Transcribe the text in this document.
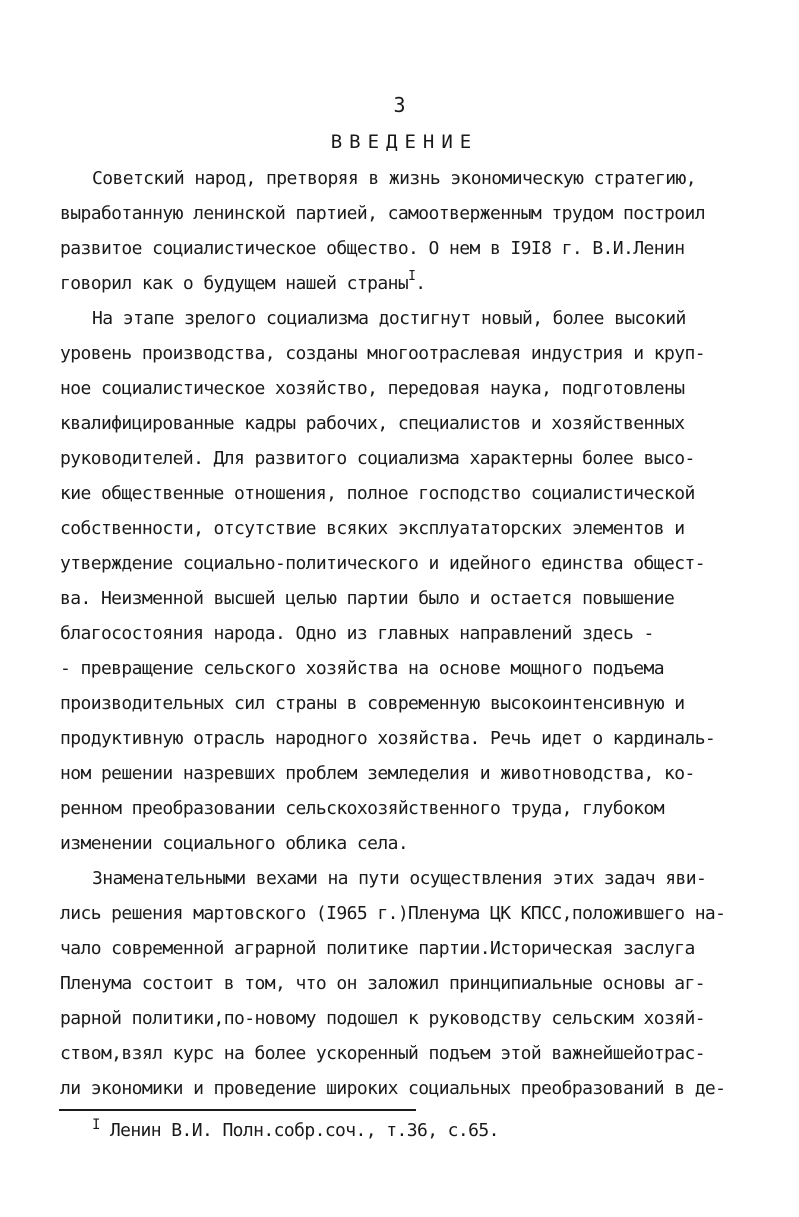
3
ВВЕДЕНИЕ
Советский народ, претворяя в жизнь экономическую стратегию,
выработанную ленинской партией, самоотверженным трудом построил
развитое социалистическое общество. О нем в I9I8 г. В.И.Ленин
говорил как о будущем нашей страны$^I$.
На этапе зрелого социализма достигнут новый, более высокий
уровень производства, созданы многоотраслевая индустрия и круп-
ное социалистическое хозяйство, передовая наука, подготовлены
квалифицированные кадры рабочих, специалистов и хозяйственных
руководителей. Для развитого социализма характерны более высо-
кие общественные отношения, полное господство социалистической
собственности, отсутствие всяких эксплуататорских элементов и
утверждение социально-политического и идейного единства общест-
ва. Неизменной высшей целью партии было и остается повышение
благосостояния народа. Одно из главных направлений здесь -
- превращение сельского хозяйства на основе мощного подъема
производительных сил страны в современную высокоинтенсивную и
продуктивную отрасль народного хозяйства. Речь идет о кардиналь-
ном решении назревших проблем земледелия и животноводства, ко-
ренном преобразовании сельскохозяйственного труда, глубоком
изменении социального облика села.
Знаменательными вехами на пути осуществления этих задач яви-
лись решения мартовского (I965 г.)Пленума ЦК КПСС,положившего на-
чало современной аграрной политике партии.Историческая заслуга
Пленума состоит в том, что он заложил принципиальные основы аг-
рарной политики,по-новому подошел к руководству сельским хозяй-
ством,взял курс на более ускоренный подъем этой важнейшейотрас-
ли экономики и проведение широких социальных преобразований в де-
$^I$ Ленин В.И. Полн.собр.соч., т.36, с.65.
